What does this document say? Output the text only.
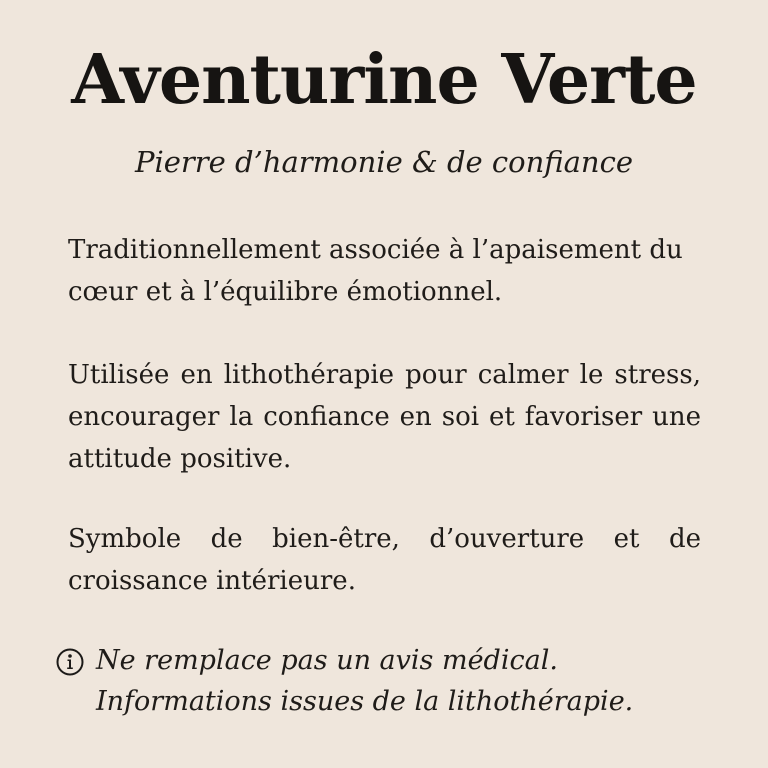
Aventurine Verte

Pierre d’harmonie & de confiance

Traditionnellement associée à l’apaisement du cœur et à l’équilibre émotionnel.

Utilisée en lithothérapie pour calmer le stress, encourager la confiance en soi et favoriser une attitude positive.

Symbole de bien-être, d’ouverture et de croissance intérieure.

Ne remplace pas un avis médical. Informations issues de la lithothérapie.
